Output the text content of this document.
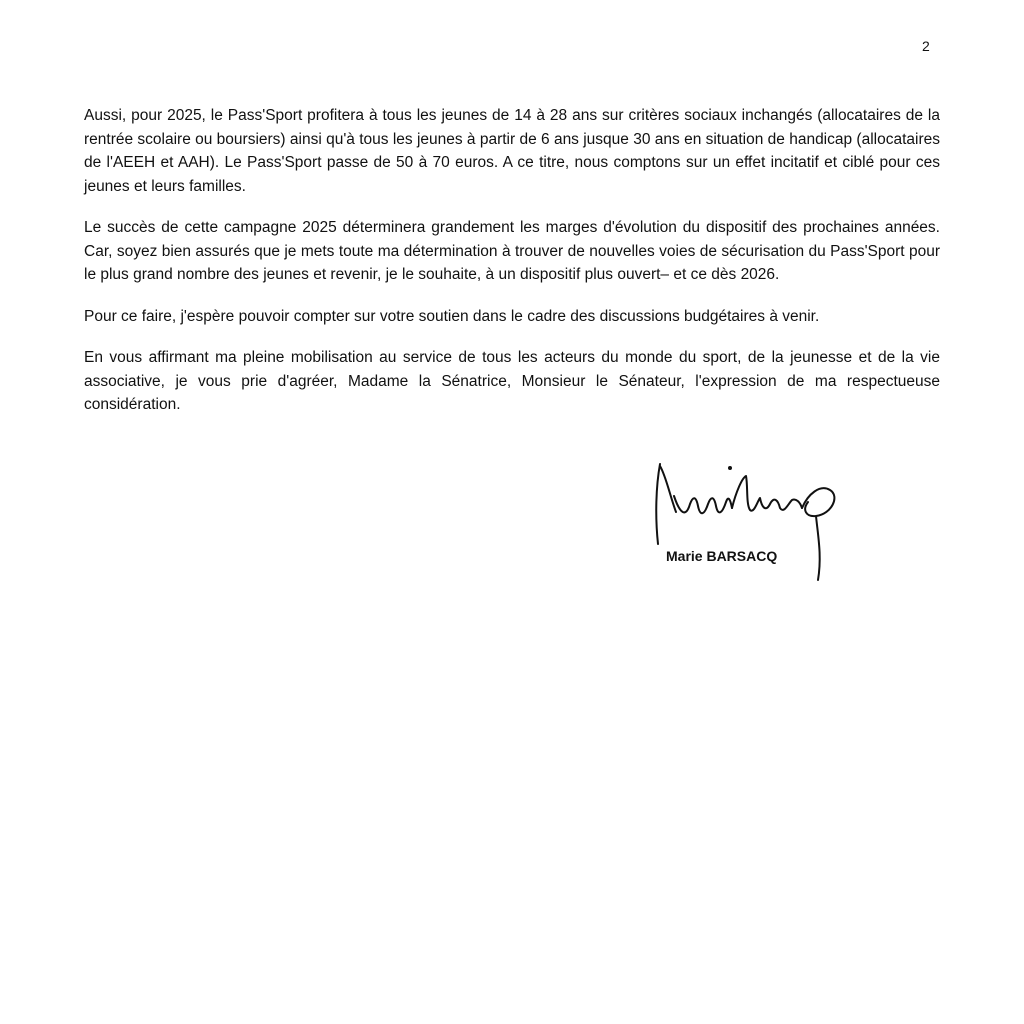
2

Aussi, pour 2025, le Pass'Sport profitera à tous les jeunes de 14 à 28 ans sur critères sociaux inchangés (allocataires de la rentrée scolaire ou boursiers) ainsi qu'à tous les jeunes à partir de 6 ans jusque 30 ans en situation de handicap (allocataires de l'AEEH et AAH). Le Pass'Sport passe de 50 à 70 euros. A ce titre, nous comptons sur un effet incitatif et ciblé pour ces jeunes et leurs familles.

Le succès de cette campagne 2025 déterminera grandement les marges d'évolution du dispositif des prochaines années. Car, soyez bien assurés que je mets toute ma détermination à trouver de nouvelles voies de sécurisation du Pass'Sport pour le plus grand nombre des jeunes et revenir, je le souhaite, à un dispositif plus ouvert– et ce dès 2026.

Pour ce faire, j'espère pouvoir compter sur votre soutien dans le cadre des discussions budgétaires à venir.

En vous affirmant ma pleine mobilisation au service de tous les acteurs du monde du sport, de la jeunesse et de la vie associative, je vous prie d'agréer, Madame la Sénatrice, Monsieur le Sénateur, l'expression de ma respectueuse considération.

Marie BARSACQ
